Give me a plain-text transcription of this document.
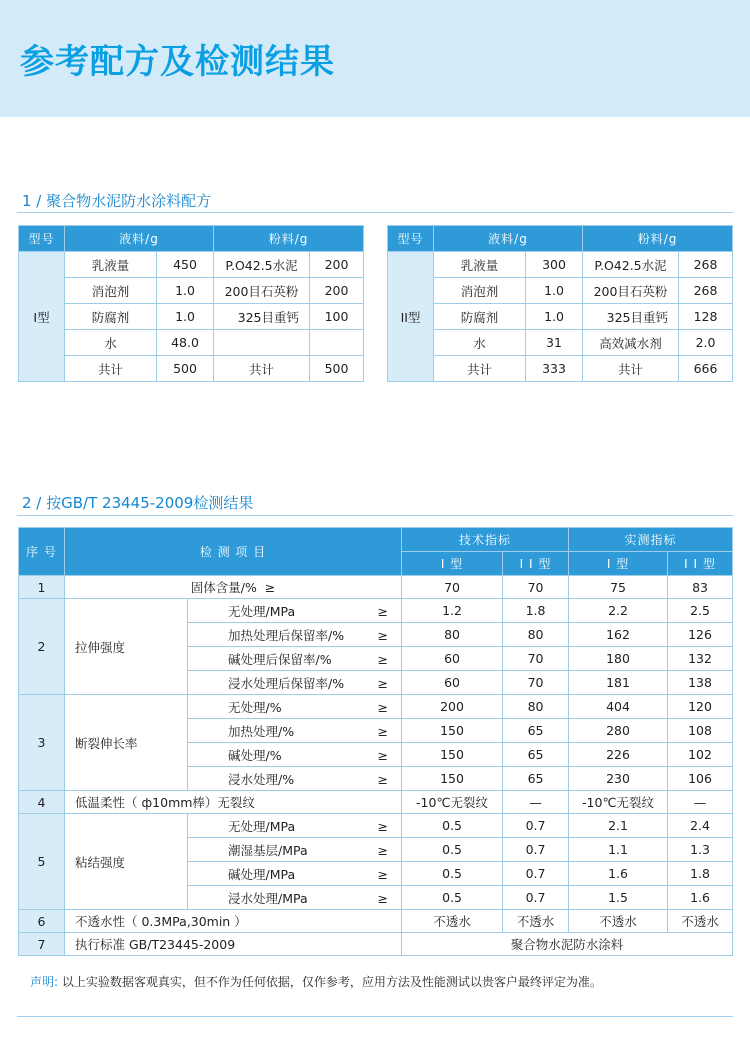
参考配方及检测结果
1 / 聚合物水泥防水涂料配方
型号	液料/g		粉料/g	
I型	乳液量	450	P.O42.5水泥	200
	消泡剂	1.0	200目石英粉	200
	防腐剂	1.0	325目重钙	100
	水	48.0		
	共计	500	共计	500
型号	液料/g		粉料/g	
II型	乳液量	300	P.O42.5水泥	268
	消泡剂	1.0	200目石英粉	268
	防腐剂	1.0	325目重钙	128
	水	31	高效减水剂	2.0
	共计	333	共计	666
2 / 按GB/T 23445-2009检测结果
序 号	检 测 项 目		技术指标		实测指标	
			I 型	I I 型	I 型	I I 型
1	固体含量/% ≥		70	70	75	83
2	拉伸强度	无处理/MPa ≥	1.2	1.8	2.2	2.5
		加热处理后保留率/% ≥	80	80	162	126
		碱处理后保留率/% ≥	60	70	180	132
		浸水处理后保留率/% ≥	60	70	181	138
3	断裂伸长率	无处理/% ≥	200	80	404	120
		加热处理/% ≥	150	65	280	108
		碱处理/% ≥	150	65	226	102
		浸水处理/% ≥	150	65	230	106
4	低温柔性（ ф10mm棒）无裂纹		-10℃无裂纹	—	-10℃无裂纹	—
5	粘结强度	无处理/MPa ≥	0.5	0.7	2.1	2.4
		潮湿基层/MPa ≥	0.5	0.7	1.1	1.3
		碱处理/MPa ≥	0.5	0.7	1.6	1.8
		浸水处理/MPa ≥	0.5	0.7	1.5	1.6
6	不透水性（ 0.3MPa,30min ）		不透水	不透水	不透水	不透水
7	执行标准 GB/T23445-2009		聚合物水泥防水涂料			
声明: 以上实验数据客观真实，但不作为任何依据，仅作参考，应用方法及性能测试以贵客户最终评定为准。
